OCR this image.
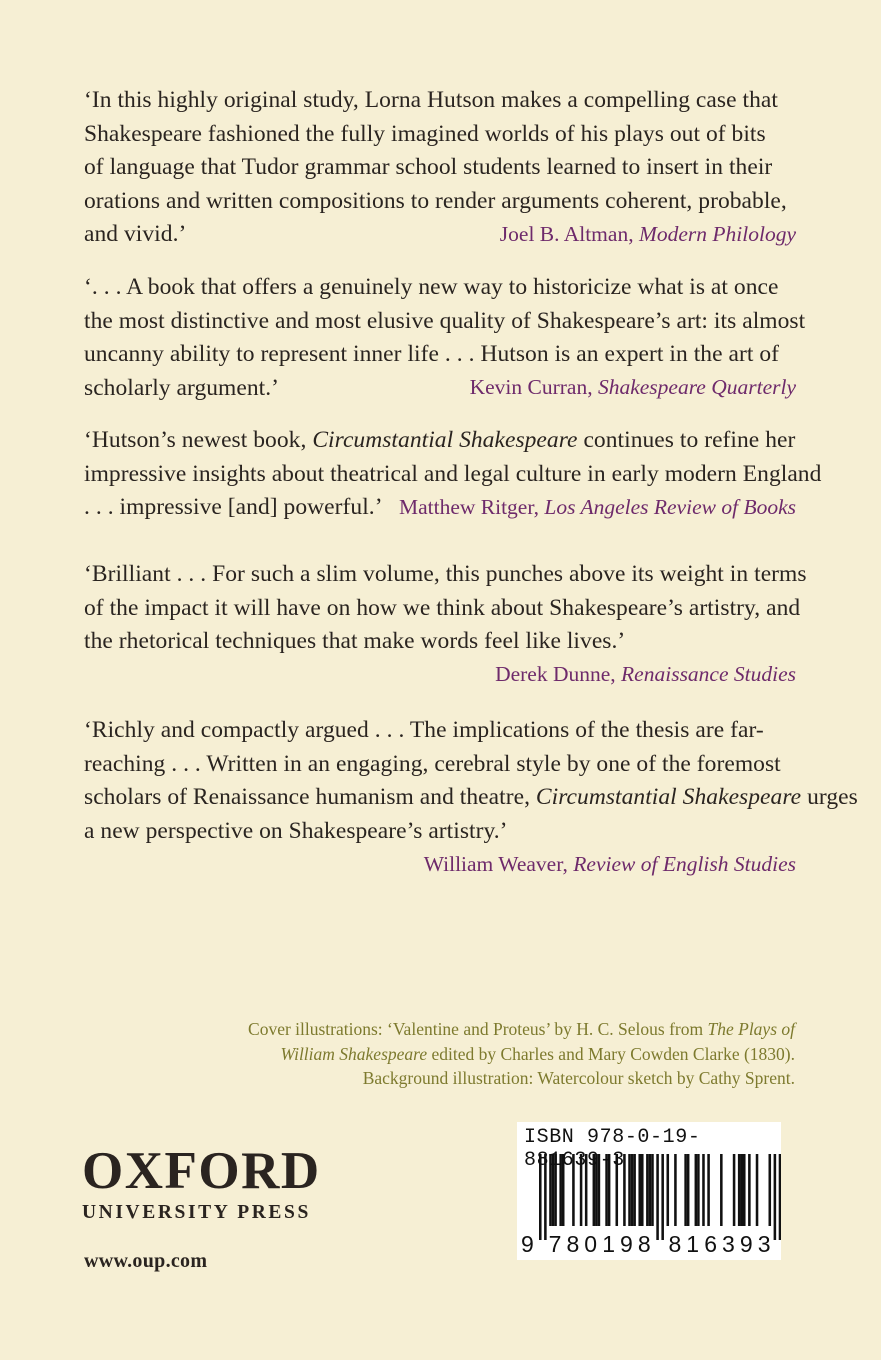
‘In this highly original study, Lorna Hutson makes a compelling case that
Shakespeare fashioned the fully imagined worlds of his plays out of bits
of language that Tudor grammar school students learned to insert in their
orations and written compositions to render arguments coherent, probable,
and vivid.’	Joel B. Altman, Modern Philology

‘. . . A book that offers a genuinely new way to historicize what is at once
the most distinctive and most elusive quality of Shakespeare’s art: its almost
uncanny ability to represent inner life . . . Hutson is an expert in the art of
scholarly argument.’	Kevin Curran, Shakespeare Quarterly

‘Hutson’s newest book, Circumstantial Shakespeare continues to refine her
impressive insights about theatrical and legal culture in early modern England
. . . impressive [and] powerful.’ Matthew Ritger, Los Angeles Review of Books

‘Brilliant . . . For such a slim volume, this punches above its weight in terms
of the impact it will have on how we think about Shakespeare’s artistry, and
the rhetorical techniques that make words feel like lives.’

Derek Dunne, Renaissance Studies

‘Richly and compactly argued . . . The implications of the thesis are far-
reaching . . . Written in an engaging, cerebral style by one of the foremost
scholars of Renaissance humanism and theatre, Circumstantial Shakespeare urges
a new perspective on Shakespeare’s artistry.’

William Weaver, Review of English Studies
Cover illustrations: ‘Valentine and Proteus’ by H. C. Selous from The Plays of
William Shakespeare edited by Charles and Mary Cowden Clarke (1830).
Background illustration: Watercolour sketch by Cathy Sprent.
OXFORD
UNIVERSITY PRESS
www.oup.com
9 7 8 0 1 9 8 8 1 6 3 9 3
ISBN 978-0-19-881639-3
